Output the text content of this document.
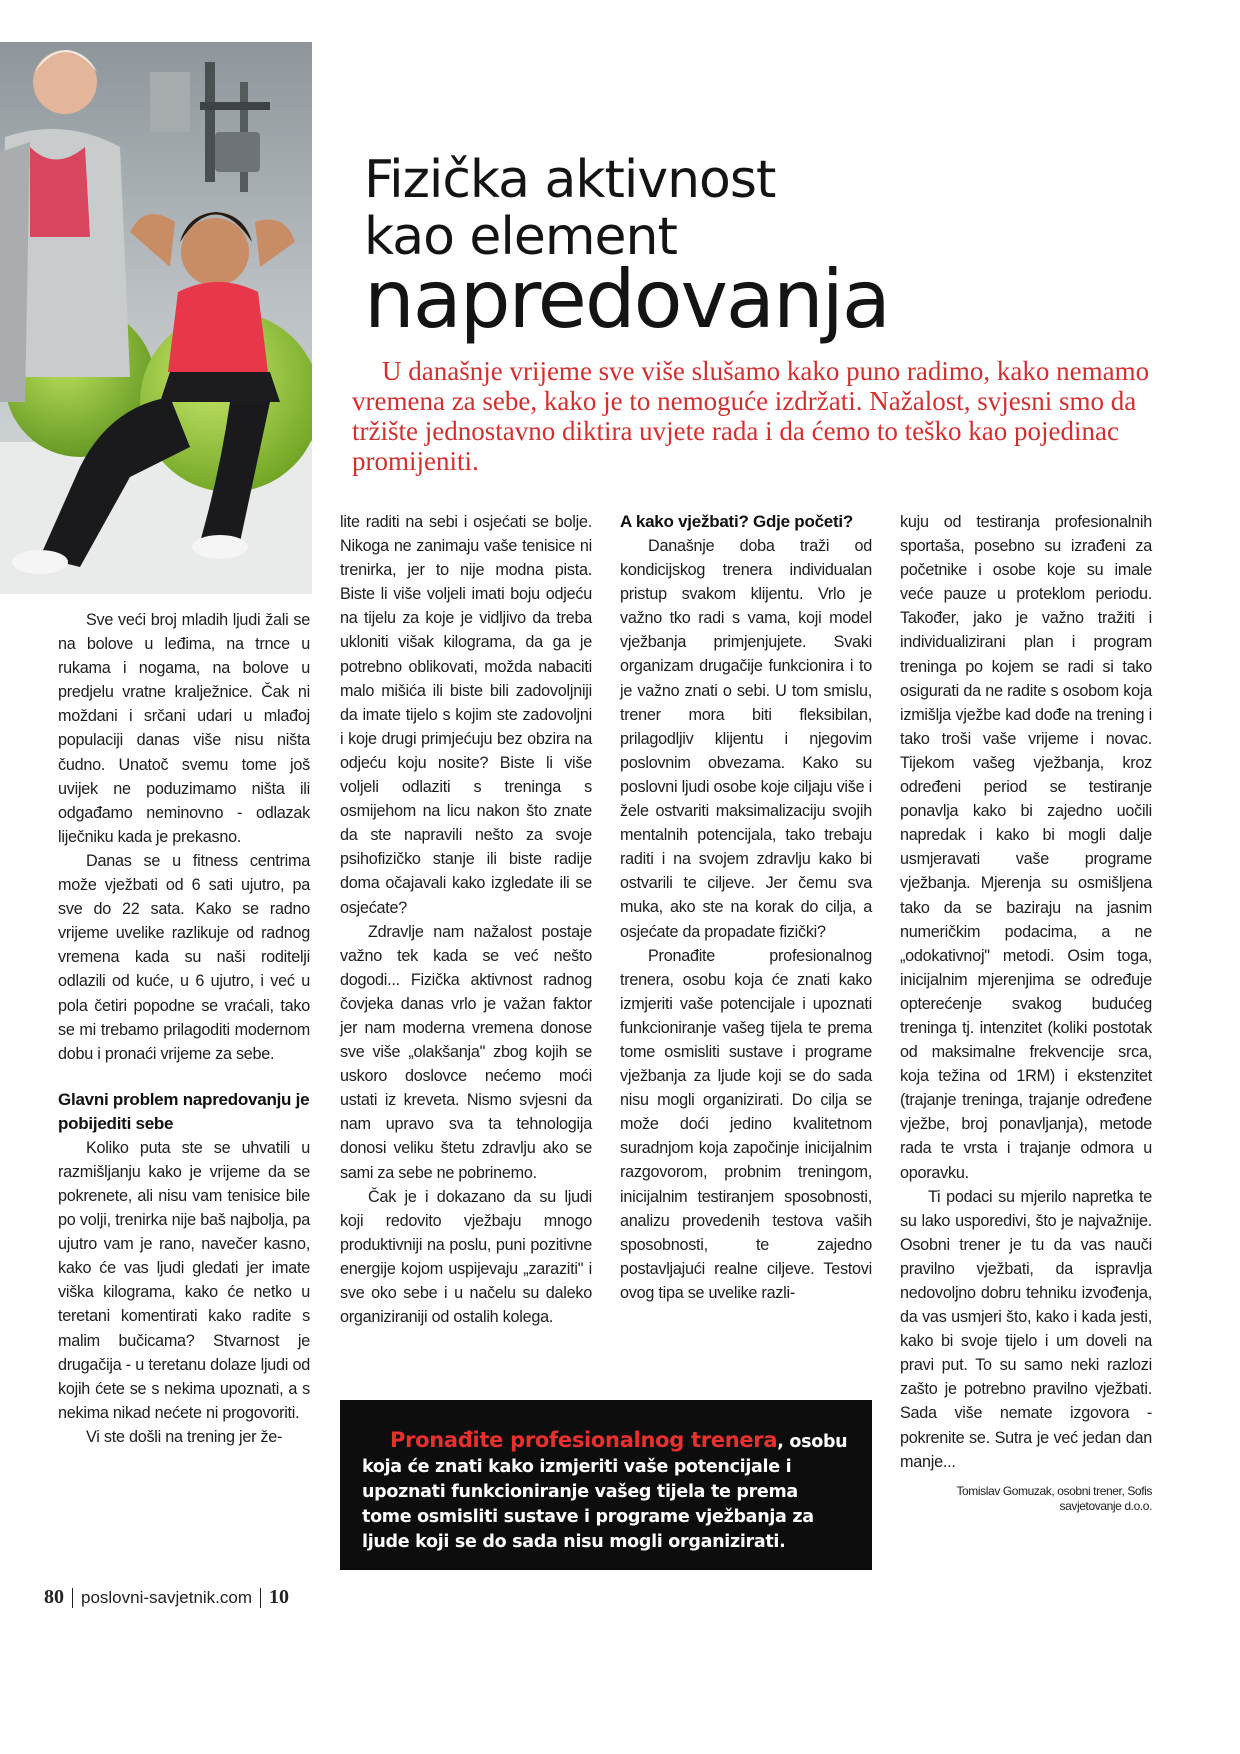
Fizička aktivnost
kao element
napredovanja

U današnje vrijeme sve više slušamo kako puno radimo, kako nemamo vremena za sebe, kako je to nemoguće izdržati. Nažalost, svjesni smo da tržište jednostavno diktira uvjete rada i da ćemo to teško kao pojedinac promijeniti.

Sve veći broj mladih ljudi žali se na bolove u leđima, na trnce u rukama i nogama, na bolove u predjelu vratne kralježnice. Čak ni moždani i srčani udari u mlađoj populaciji danas više nisu ništa čudno. Unatoč svemu tome još uvijek ne poduzimamo ništa ili odgađamo neminovno - odlazak liječniku kada je prekasno.

Danas se u fitness centrima može vježbati od 6 sati ujutro, pa sve do 22 sata. Kako se radno vrijeme uvelike razlikuje od radnog vremena kada su naši roditelji odlazili od kuće, u 6 ujutro, i već u pola četiri popodne se vraćali, tako se mi trebamo prilagoditi modernom dobu i pronaći vrijeme za sebe.

Glavni problem napredovanju je pobijediti sebe

Koliko puta ste se uhvatili u razmišljanju kako je vrijeme da se pokrenete, ali nisu vam tenisice bile po volji, trenirka nije baš najbolja, pa ujutro vam je rano, navečer kasno, kako će vas ljudi gledati jer imate viška kilograma, kako će netko u teretani komentirati kako radite s malim bučicama? Stvarnost je drugačija - u teretanu dolaze ljudi od kojih ćete se s nekima upoznati, a s nekima nikad nećete ni progovoriti.

Vi ste došli na trening jer že-

lite raditi na sebi i osjećati se bolje. Nikoga ne zanimaju vaše tenisice ni trenirka, jer to nije modna pista. Biste li više voljeli imati boju odjeću na tijelu za koje je vidljivo da treba ukloniti višak kilograma, da ga je potrebno oblikovati, možda nabaciti malo mišića ili biste bili zadovoljniji da imate tijelo s kojim ste zadovoljni i koje drugi primjećuju bez obzira na odjeću koju nosite? Biste li više voljeli odlaziti s treninga s osmijehom na licu nakon što znate da ste napravili nešto za svoje psihofizičko stanje ili biste radije doma očajavali kako izgledate ili se osjećate?

Zdravlje nam nažalost postaje važno tek kada se već nešto dogodi... Fizička aktivnost radnog čovjeka danas vrlo je važan faktor jer nam moderna vremena donose sve više „olakšanja" zbog kojih se uskoro doslovce nećemo moći ustati iz kreveta. Nismo svjesni da nam upravo sva ta tehnologija donosi veliku štetu zdravlju ako se sami za sebe ne pobrinemo.

Čak je i dokazano da su ljudi koji redovito vježbaju mnogo produktivniji na poslu, puni pozitivne energije kojom uspijevaju „zaraziti" i sve oko sebe i u načelu su daleko organiziraniji od ostalih kolega.

A kako vježbati? Gdje početi?

Današnje doba traži od kondicijskog trenera individualan pristup svakom klijentu. Vrlo je važno tko radi s vama, koji model vježbanja primjenjujete. Svaki organizam drugačije funkcionira i to je važno znati o sebi. U tom smislu, trener mora biti fleksibilan, prilagodljiv klijentu i njegovim poslovnim obvezama. Kako su poslovni ljudi osobe koje ciljaju više i žele ostvariti maksimalizaciju svojih mentalnih potencijala, tako trebaju raditi i na svojem zdravlju kako bi ostvarili te ciljeve. Jer čemu sva muka, ako ste na korak do cilja, a osjećate da propadate fizički?

Pronađite profesionalnog trenera, osobu koja će znati kako izmjeriti vaše potencijale i upoznati funkcioniranje vašeg tijela te prema tome osmisliti sustave i programe vježbanja za ljude koji se do sada nisu mogli organizirati. Do cilja se može doći jedino kvalitetnom suradnjom koja započinje inicijalnim razgovorom, probnim treningom, inicijalnim testiranjem sposobnosti, analizu provedenih testova vaših sposobnosti, te zajedno postavljajući realne ciljeve. Testovi ovog tipa se uvelike razli-

kuju od testiranja profesionalnih sportaša, posebno su izrađeni za početnike i osobe koje su imale veće pauze u proteklom periodu. Također, jako je važno tražiti i individualizirani plan i program treninga po kojem se radi si tako osigurati da ne radite s osobom koja izmišlja vježbe kad dođe na trening i tako troši vaše vrijeme i novac. Tijekom vašeg vježbanja, kroz određeni period se testiranje ponavlja kako bi zajedno uočili napredak i kako bi mogli dalje usmjeravati vaše programe vježbanja. Mjerenja su osmišljena tako da se baziraju na jasnim numeričkim podacima, a ne „odokativnoj" metodi. Osim toga, inicijalnim mjerenjima se određuje opterećenje svakog budućeg treninga tj. intenzitet (koliki postotak od maksimalne frekvencije srca, koja težina od 1RM) i ekstenzitet (trajanje treninga, trajanje određene vježbe, broj ponavljanja), metode rada te vrsta i trajanje odmora u oporavku.

Ti podaci su mjerilo napretka te su lako usporedivi, što je najvažnije. Osobni trener je tu da vas nauči pravilno vježbati, da ispravlja nedovoljno dobru tehniku izvođenja, da vas usmjeri što, kako i kada jesti, kako bi svoje tijelo i um doveli na pravi put. To su samo neki razlozi zašto je potrebno pravilno vježbati. Sada više nemate izgovora - pokrenite se. Sutra je već jedan dan manje...

Tomislav Gomuzak, osobni trener, Sofis
savjetovanje d.o.o.

Pronađite profesionalnog trenera, osobu koja će znati kako izmjeriti vaše potencijale i upoznati funkcioniranje vašeg tijela te prema tome osmisliti sustave i programe vježbanja za ljude koji se do sada nisu mogli organizirati.

80 poslovni-savjetnik.com 10
